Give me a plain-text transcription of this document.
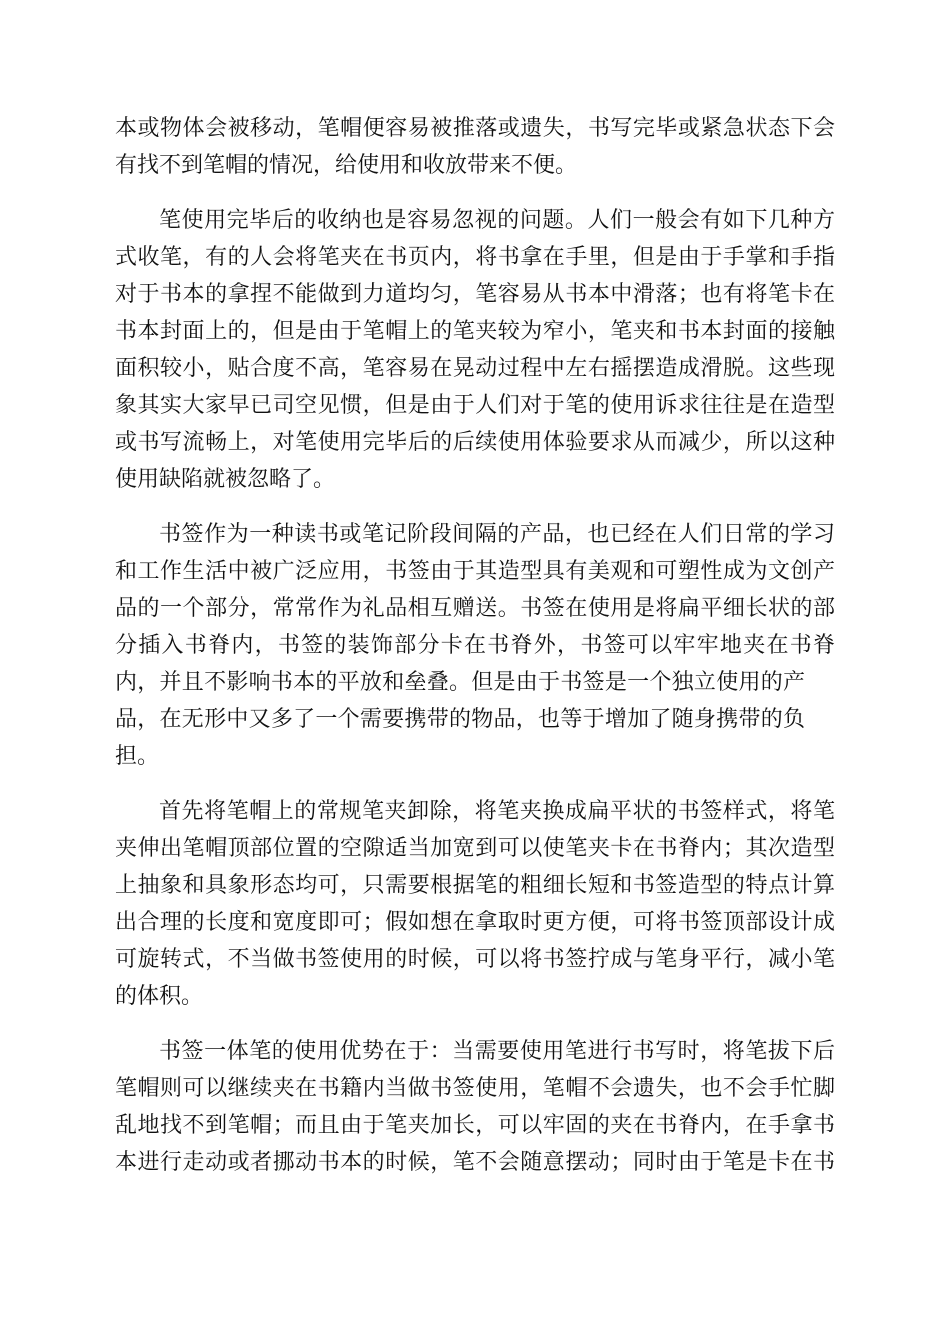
本或物体会被移动，笔帽便容易被推落或遗失，书写完毕或紧急状态下会
有找不到笔帽的情况，给使用和收放带来不便。
笔使用完毕后的收纳也是容易忽视的问题。人们一般会有如下几种方
式收笔，有的人会将笔夹在书页内，将书拿在手里，但是由于手掌和手指
对于书本的拿捏不能做到力道均匀，笔容易从书本中滑落；也有将笔卡在
书本封面上的，但是由于笔帽上的笔夹较为窄小，笔夹和书本封面的接触
面积较小，贴合度不高，笔容易在晃动过程中左右摇摆造成滑脱。这些现
象其实大家早已司空见惯，但是由于人们对于笔的使用诉求往往是在造型
或书写流畅上，对笔使用完毕后的后续使用体验要求从而减少，所以这种
使用缺陷就被忽略了。
书签作为一种读书或笔记阶段间隔的产品，也已经在人们日常的学习
和工作生活中被广泛应用，书签由于其造型具有美观和可塑性成为文创产
品的一个部分，常常作为礼品相互赠送。书签在使用是将扁平细长状的部
分插入书脊内，书签的装饰部分卡在书脊外，书签可以牢牢地夹在书脊
内，并且不影响书本的平放和垒叠。但是由于书签是一个独立使用的产
品，在无形中又多了一个需要携带的物品，也等于增加了随身携带的负
担。
首先将笔帽上的常规笔夹卸除，将笔夹换成扁平状的书签样式，将笔
夹伸出笔帽顶部位置的空隙适当加宽到可以使笔夹卡在书脊内；其次造型
上抽象和具象形态均可，只需要根据笔的粗细长短和书签造型的特点计算
出合理的长度和宽度即可；假如想在拿取时更方便，可将书签顶部设计成
可旋转式，不当做书签使用的时候，可以将书签拧成与笔身平行，减小笔
的体积。
书签一体笔的使用优势在于：当需要使用笔进行书写时，将笔拔下后
笔帽则可以继续夹在书籍内当做书签使用，笔帽不会遗失，也不会手忙脚
乱地找不到笔帽；而且由于笔夹加长，可以牢固的夹在书脊内，在手拿书
本进行走动或者挪动书本的时候，笔不会随意摆动；同时由于笔是卡在书
